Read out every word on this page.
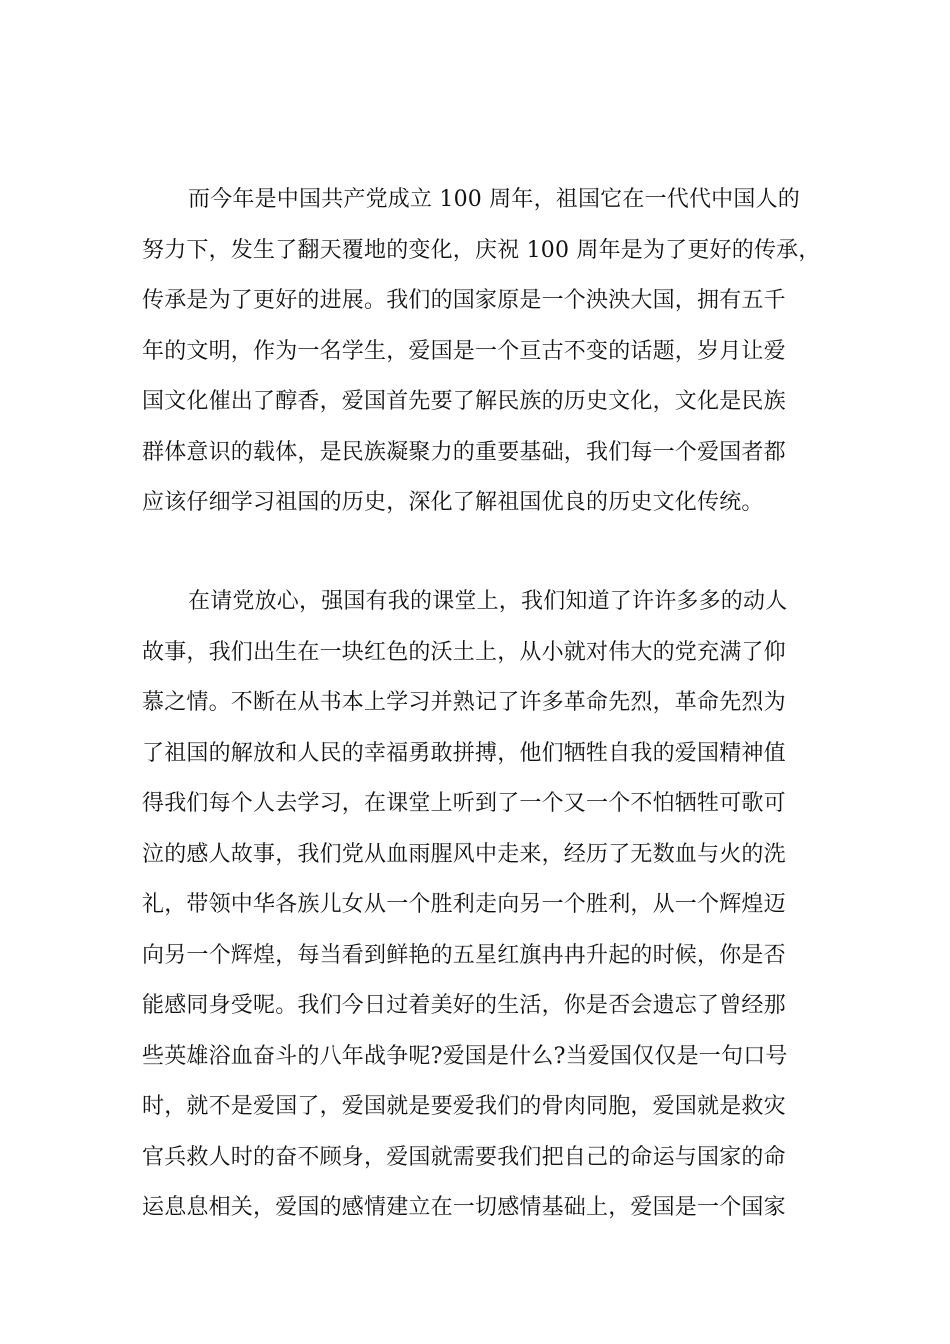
而今年是中国共产党成立 100 周年，祖国它在一代代中国人的
努力下，发生了翻天覆地的变化，庆祝 100 周年是为了更好的传承，
传承是为了更好的进展。我们的国家原是一个泱泱大国，拥有五千
年的文明，作为一名学生，爱国是一个亘古不变的话题，岁月让爱
国文化催出了醇香，爱国首先要了解民族的历史文化，文化是民族
群体意识的载体，是民族凝聚力的重要基础，我们每一个爱国者都
应该仔细学习祖国的历史，深化了解祖国优良的历史文化传统。

在请党放心，强国有我的课堂上，我们知道了许许多多的动人
故事，我们出生在一块红色的沃土上，从小就对伟大的党充满了仰
慕之情。不断在从书本上学习并熟记了许多革命先烈，革命先烈为
了祖国的解放和人民的幸福勇敢拼搏，他们牺牲自我的爱国精神值
得我们每个人去学习，在课堂上听到了一个又一个不怕牺牲可歌可
泣的感人故事，我们党从血雨腥风中走来，经历了无数血与火的洗
礼，带领中华各族儿女从一个胜利走向另一个胜利，从一个辉煌迈
向另一个辉煌，每当看到鲜艳的五星红旗冉冉升起的时候，你是否
能感同身受呢。我们今日过着美好的生活，你是否会遗忘了曾经那
些英雄浴血奋斗的八年战争呢?爱国是什么?当爱国仅仅是一句口号
时，就不是爱国了，爱国就是要爱我们的骨肉同胞，爱国就是救灾
官兵救人时的奋不顾身，爱国就需要我们把自己的命运与国家的命
运息息相关，爱国的感情建立在一切感情基础上，爱国是一个国家
